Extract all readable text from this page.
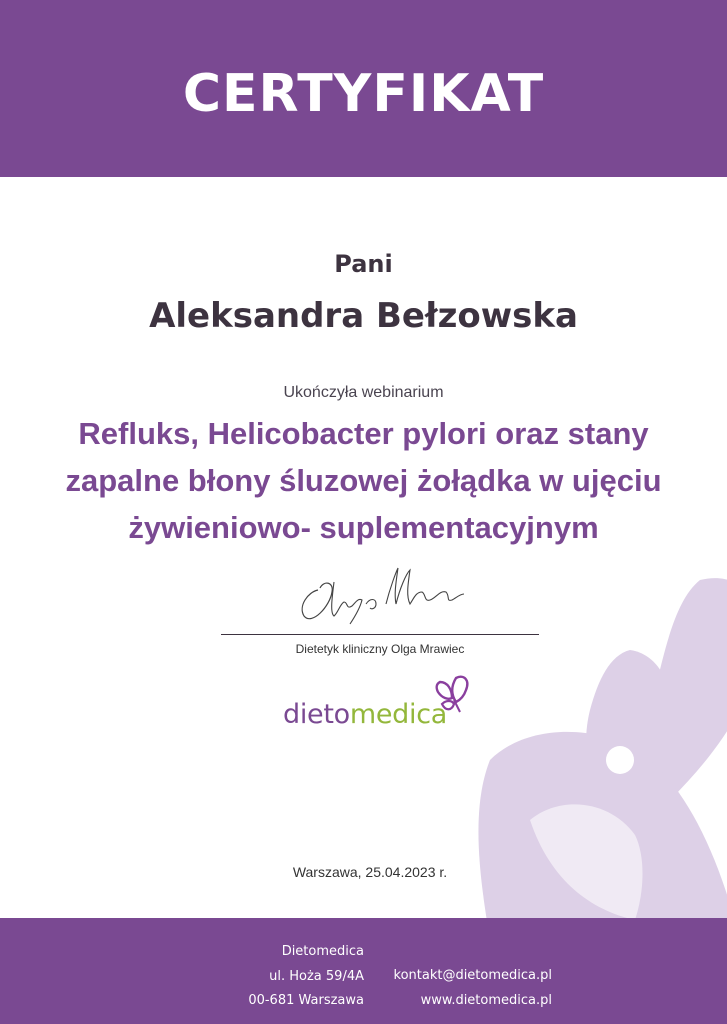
CERTYFIKAT
Pani
Aleksandra Bełzowska
Ukończyła webinarium
Refluks, Helicobacter pylori oraz stany
zapalne błony śluzowej żołądka w ujęciu
żywieniowo- suplementacyjnym
Dietetyk kliniczny Olga Mrawiec
dietomedica
Warszawa, 25.04.2023 r.
Dietomedica
ul. Hoża 59/4A
00-681 Warszawa
kontakt@dietomedica.pl
www.dietomedica.pl
